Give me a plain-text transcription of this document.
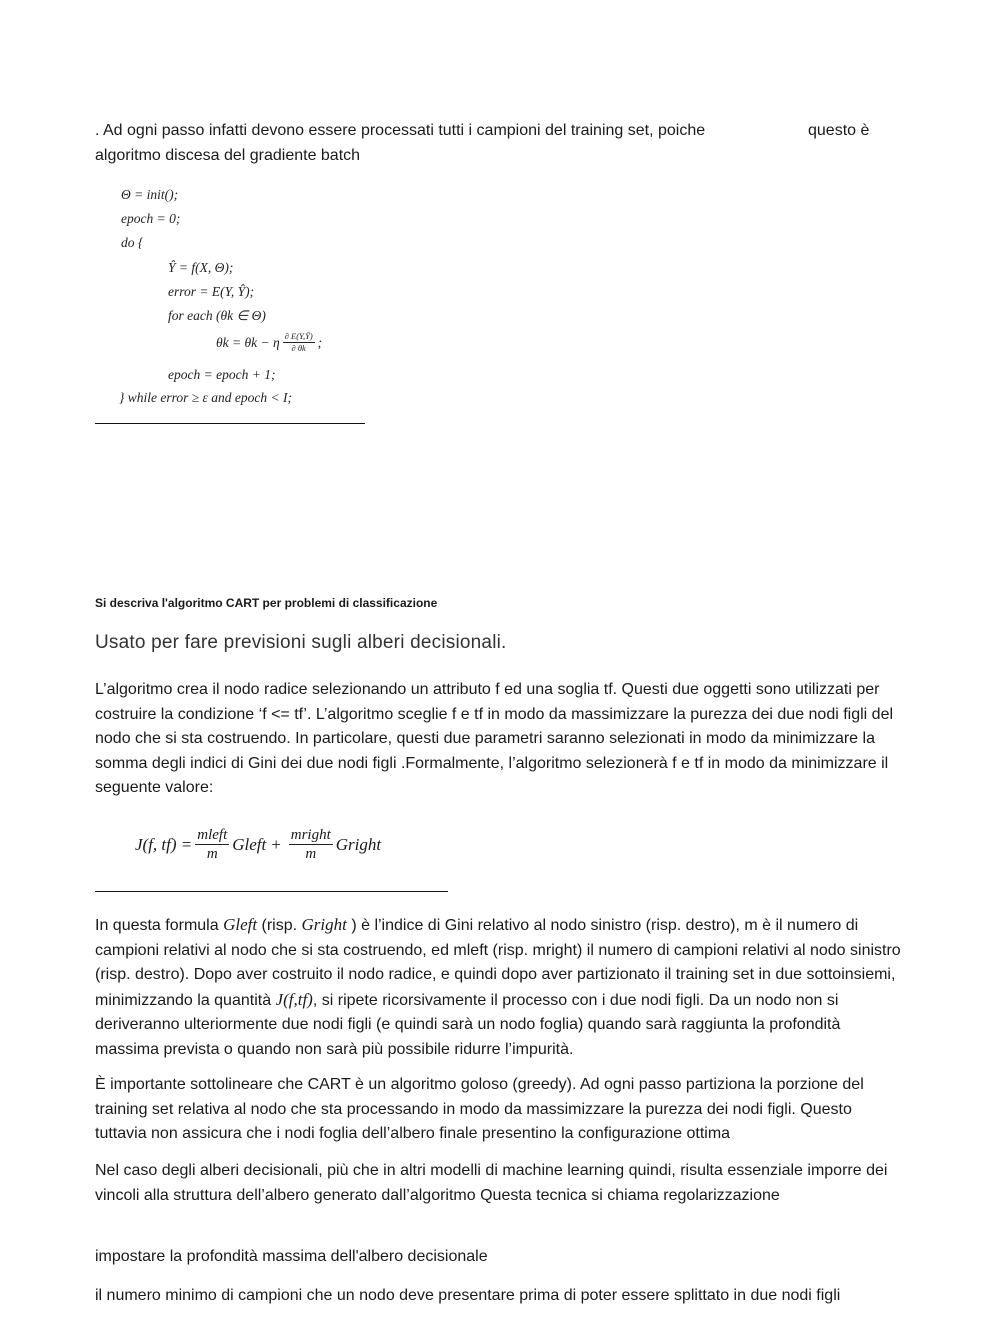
. Ad ogni passo infatti devono essere processati tutti i campioni del training set, poiche	questo è
algoritmo discesa del gradiente batch
Θ = init();
epoch = 0;
do {
Ŷ = f(X, Θ);
error = E(Y, Ŷ);
for each (θk ∈ Θ)
θk = θk − η $\frac{\partial E(Y,Ŷ)}{\partial \theta k}$ ;
epoch = epoch + 1;
} while error ≥ ε and epoch < I;
Si descriva l'algoritmo CART per problemi di classificazione
Usato per fare previsioni sugli alberi decisionali.
L’algoritmo crea il nodo radice selezionando un attributo f ed una soglia tf. Questi due oggetti sono utilizzati per costruire la condizione ‘f <= tf’. L’algoritmo sceglie f e tf in modo da massimizzare la purezza dei due nodi figli del nodo che si sta costruendo. In particolare, questi due parametri saranno selezionati in modo da minimizzare la somma degli indici di Gini dei due nodi figli .Formalmente, l’algoritmo selezionerà f e tf in modo da minimizzare il seguente valore:
J(f, $tf) = \frac{\text{mleft}}{m}$ Gleft + $\frac{\text{mright}}{m}$ Gright
In questa formula Gleft (risp. Gright ) è l’indice di Gini relativo al nodo sinistro (risp. destro), m è il numero di campioni relativi al nodo che si sta costruendo, ed mleft (risp. mright) il numero di campioni relativi al nodo sinistro (risp. destro). Dopo aver costruito il nodo radice, e quindi dopo aver partizionato il training set in due sottoinsiemi, minimizzando la quantità J(f,tf), si ripete ricorsivamente il processo con i due nodi figli. Da un nodo non si deriveranno ulteriormente due nodi figli (e quindi sarà un nodo foglia) quando sarà raggiunta la profondità massima prevista o quando non sarà più possibile ridurre l’impurità.
È importante sottolineare che CART è un algoritmo goloso (greedy). Ad ogni passo partiziona la porzione del training set relativa al nodo che sta processando in modo da massimizzare la purezza dei nodi figli. Questo tuttavia non assicura che i nodi foglia dell’albero finale presentino la configurazione ottima
Nel caso degli alberi decisionali, più che in altri modelli di machine learning quindi, risulta essenziale imporre dei vincoli alla struttura dell’albero generato dall’algoritmo Questa tecnica si chiama regolarizzazione
impostare la profondità massima dell'albero decisionale
il numero minimo di campioni che un nodo deve presentare prima di poter essere splittato in due nodi figli
